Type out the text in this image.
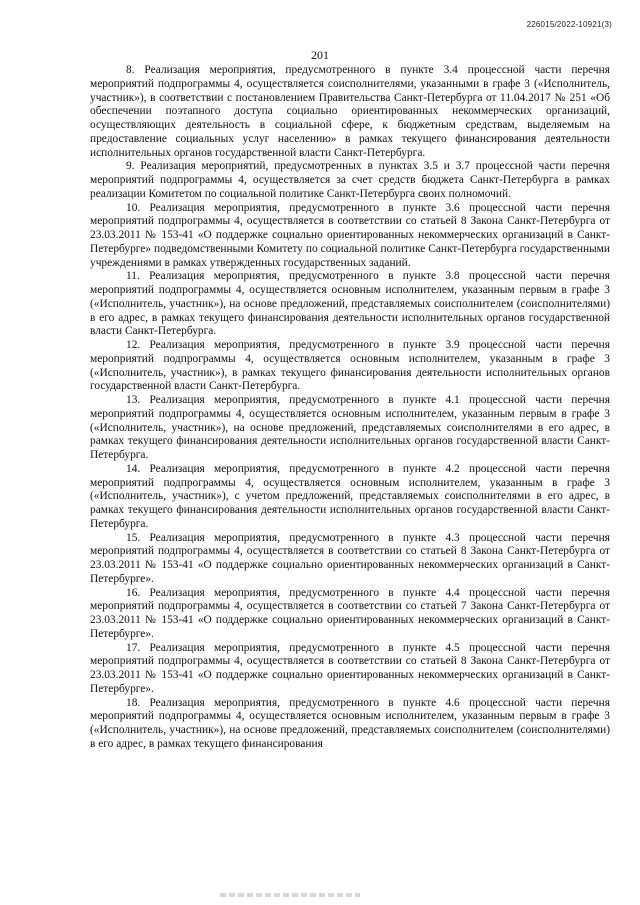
226015/2022-10921(3)
201

8. Реализация мероприятия, предусмотренного в пункте 3.4 процессной части перечня мероприятий подпрограммы 4, осуществляется соисполнителями, указанными в графе 3 («Исполнитель, участник»), в соответствии с постановлением Правительства Санкт-Петербурга от 11.04.2017 № 251 «Об обеспечении поэтапного доступа социально ориентированных некоммерческих организаций, осуществляющих деятельность в социальной сфере, к бюджетным средствам, выделяемым на предоставление социальных услуг населению» в рамках текущего финансирования деятельности исполнительных органов государственной власти Санкт-Петербурга.

9. Реализация мероприятий, предусмотренных в пунктах 3.5 и 3.7 процессной части перечня мероприятий подпрограммы 4, осуществляется за счет средств бюджета Санкт-Петербурга в рамках реализации Комитетом по социальной политике Санкт-Петербурга своих полномочий.

10. Реализация мероприятия, предусмотренного в пункте 3.6 процессной части перечня мероприятий подпрограммы 4, осуществляется в соответствии со статьей 8 Закона Санкт-Петербурга от 23.03.2011 № 153-41 «О поддержке социально ориентированных некоммерческих организаций в Санкт-Петербурге» подведомственными Комитету по социальной политике Санкт-Петербурга государственными учреждениями в рамках утвержденных государственных заданий.

11. Реализация мероприятия, предусмотренного в пункте 3.8 процессной части перечня мероприятий подпрограммы 4, осуществляется основным исполнителем, указанным первым в графе 3 («Исполнитель, участник»), на основе предложений, представляемых соисполнителем (соисполнителями) в его адрес, в рамках текущего финансирования деятельности исполнительных органов государственной власти Санкт-Петербурга.

12. Реализация мероприятия, предусмотренного в пункте 3.9 процессной части перечня мероприятий подпрограммы 4, осуществляется основным исполнителем, указанным в графе 3 («Исполнитель, участник»), в рамках текущего финансирования деятельности исполнительных органов государственной власти Санкт-Петербурга.

13. Реализация мероприятия, предусмотренного в пункте 4.1 процессной части перечня мероприятий подпрограммы 4, осуществляется основным исполнителем, указанным первым в графе 3 («Исполнитель, участник»), на основе предложений, представляемых соисполнителями в его адрес, в рамках текущего финансирования деятельности исполнительных органов государственной власти Санкт-Петербурга.

14. Реализация мероприятия, предусмотренного в пункте 4.2 процессной части перечня мероприятий подпрограммы 4, осуществляется основным исполнителем, указанным в графе 3 («Исполнитель, участник»), с учетом предложений, представляемых соисполнителями в его адрес, в рамках текущего финансирования деятельности исполнительных органов государственной власти Санкт-Петербурга.

15. Реализация мероприятия, предусмотренного в пункте 4.3 процессной части перечня мероприятий подпрограммы 4, осуществляется в соответствии со статьей 8 Закона Санкт-Петербурга от 23.03.2011 № 153-41 «О поддержке социально ориентированных некоммерческих организаций в Санкт-Петербурге».

16. Реализация мероприятия, предусмотренного в пункте 4.4 процессной части перечня мероприятий подпрограммы 4, осуществляется в соответствии со статьей 7 Закона Санкт-Петербурга от 23.03.2011 № 153-41 «О поддержке социально ориентированных некоммерческих организаций в Санкт-Петербурге».

17. Реализация мероприятия, предусмотренного в пункте 4.5 процессной части перечня мероприятий подпрограммы 4, осуществляется в соответствии со статьей 8 Закона Санкт-Петербурга от 23.03.2011 № 153-41 «О поддержке социально ориентированных некоммерческих организаций в Санкт-Петербурге».

18. Реализация мероприятия, предусмотренного в пункте 4.6 процессной части перечня мероприятий подпрограммы 4, осуществляется основным исполнителем, указанным первым в графе 3 («Исполнитель, участник»), на основе предложений, представляемых соисполнителем (соисполнителями) в его адрес, в рамках текущего финансирования
